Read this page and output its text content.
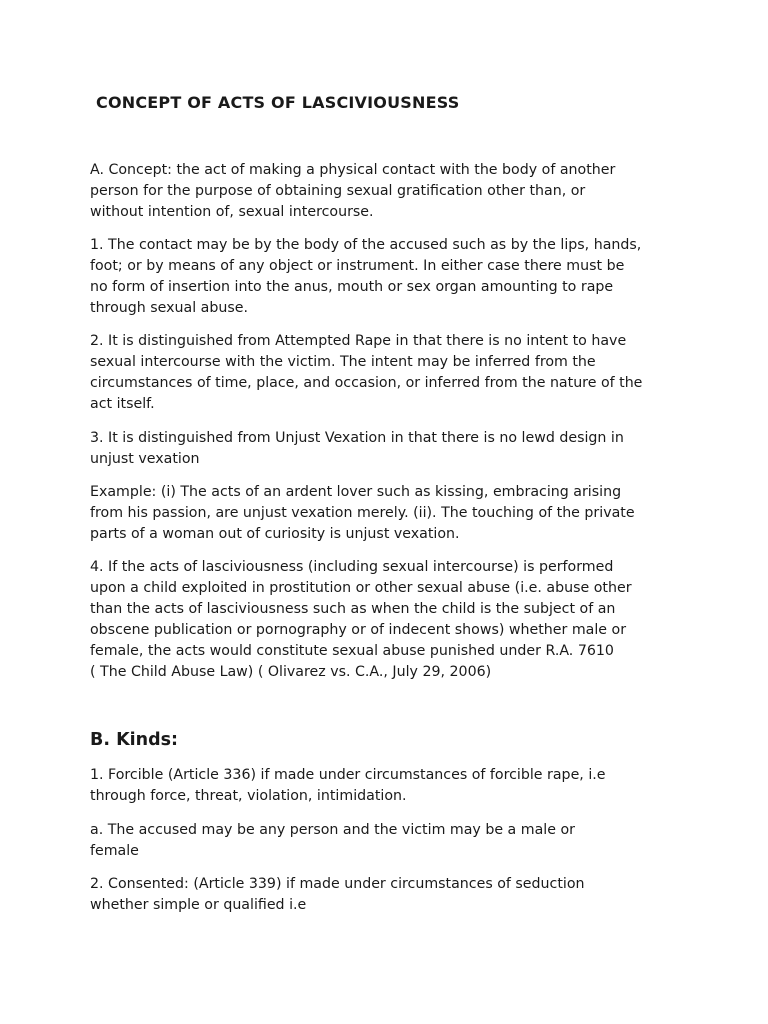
CONCEPT OF ACTS OF LASCIVIOUSNESS

A. Concept: the act of making a physical contact with the body of another
person for the purpose of obtaining sexual gratification other than, or
without intention of, sexual intercourse.

1. The contact may be by the body of the accused such as by the lips, hands,
foot; or by means of any object or instrument. In either case there must be
no form of insertion into the anus, mouth or sex organ amounting to rape
through sexual abuse.

2. It is distinguished from Attempted Rape in that there is no intent to have
sexual intercourse with the victim. The intent may be inferred from the
circumstances of time, place, and occasion, or inferred from the nature of the
act itself.

3. It is distinguished from Unjust Vexation in that there is no lewd design in
unjust vexation

Example: (i) The acts of an ardent lover such as kissing, embracing arising
from his passion, are unjust vexation merely. (ii). The touching of the private
parts of a woman out of curiosity is unjust vexation.

4. If the acts of lasciviousness (including sexual intercourse) is performed
upon a child exploited in prostitution or other sexual abuse (i.e. abuse other
than the acts of lasciviousness such as when the child is the subject of an
obscene publication or pornography or of indecent shows) whether male or
female, the acts would constitute sexual abuse punished under R.A. 7610
( The Child Abuse Law) ( Olivarez vs. C.A., July 29, 2006)

B. Kinds:

1. Forcible (Article 336) if made under circumstances of forcible rape, i.e
through force, threat, violation, intimidation.

a. The accused may be any person and the victim may be a male or
female

2. Consented: (Article 339) if made under circumstances of seduction
whether simple or qualified i.e
